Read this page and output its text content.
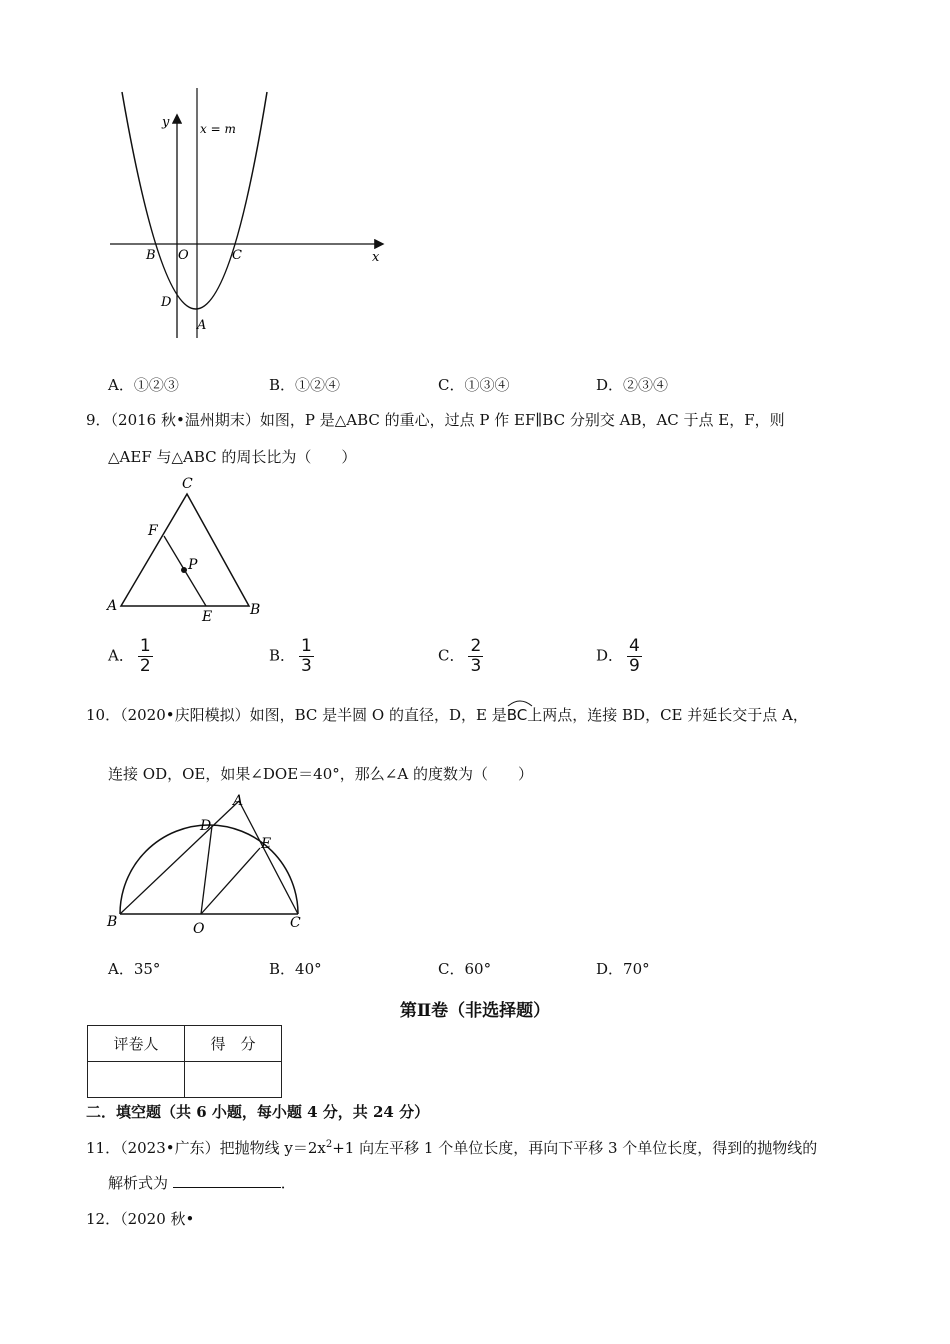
y
x
x = m
B O	C
D
A
A．①②③	B．①②④	C．①③④	D．②③④
9．（2016 秋•温州期末）如图，P 是△ABC 的重心，过点 P 作 EF∥BC 分别交 AB，AC 于点 E，F，则
△AEF 与△ABC 的周长比为（　　）
C
F
P
A
E	B
A． $\frac{1}{2}$	B． $\frac{1}{3}$	C． $\frac{2}{3}$	D． $\frac{4}{9}$
10．（2020•庆阳模拟）如图，BC 是半圆 O 的直径，D，E 是
BC上两点，连接 BD，CE 并延长交于点 A，
连接 OD，OE，如果∠DOE＝40°，那么∠A 的度数为（　　）
A
D
E
B	O	C
A．35°	B．40°	C．60°	D．70°
第Ⅱ卷（非选择题）
评卷人	得　分

二．填空题（共 6 小题，每小题 4 分，共 24 分）
11．（2023•广东）把抛物线 $y=2x^2+1$ 向左平移 1 个单位长度，再向下平移 3 个单位长度，得到的抛物线的
解析式为	．
12．（2020 秋•
